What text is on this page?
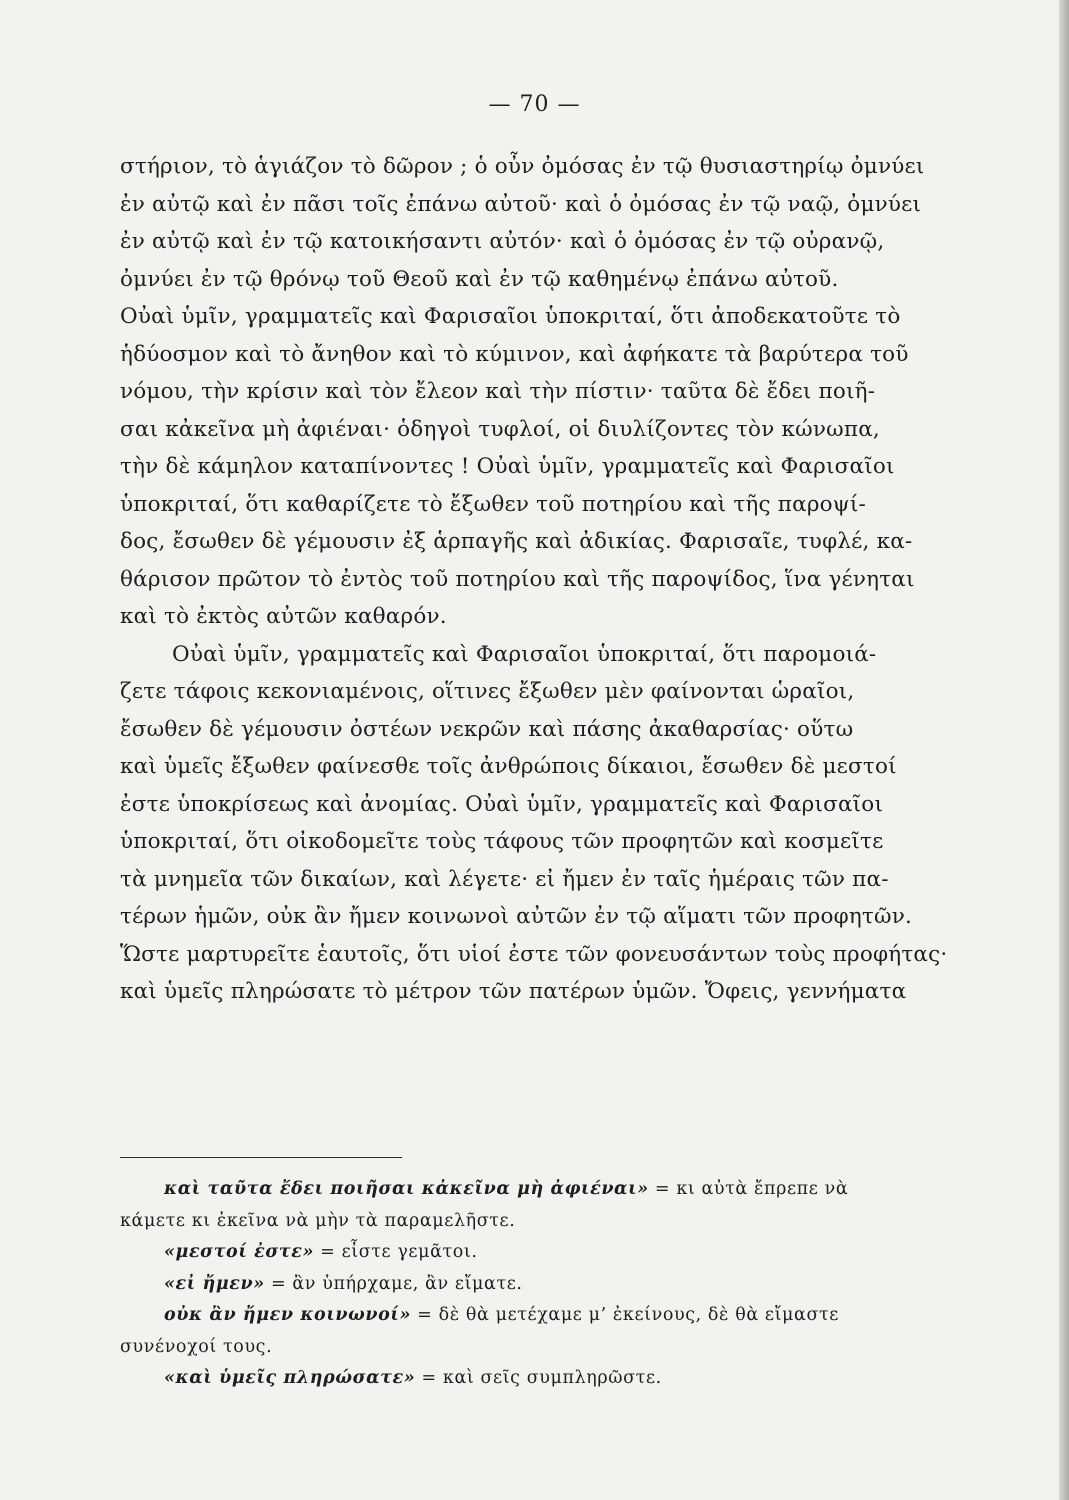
— 70 —
στήριον, τὸ ἁγιάζον τὸ δῶρον ; ὁ οὖν ὀμόσας ἐν τῷ θυσιαστηρίῳ ὀμνύει
ἐν αὐτῷ καὶ ἐν πᾶσι τοῖς ἐπάνω αὐτοῦ· καὶ ὁ ὀμόσας ἐν τῷ ναῷ, ὀμνύει
ἐν αὐτῷ καὶ ἐν τῷ κατοικήσαντι αὐτόν· καὶ ὁ ὀμόσας ἐν τῷ οὐρανῷ,
ὀμνύει ἐν τῷ θρόνῳ τοῦ Θεοῦ καὶ ἐν τῷ καθημένῳ ἐπάνω αὐτοῦ.
Οὐαὶ ὑμῖν, γραμματεῖς καὶ Φαρισαῖοι ὑποκριταί, ὅτι ἀποδεκατοῦτε τὸ
ἡδύοσμον καὶ τὸ ἄνηθον καὶ τὸ κύμινον, καὶ ἀφήκατε τὰ βαρύτερα τοῦ
νόμου, τὴν κρίσιν καὶ τὸν ἔλεον καὶ τὴν πίστιν· ταῦτα δὲ ἔδει ποιῆ-
σαι κἀκεῖνα μὴ ἀφιέναι· ὁδηγοὶ τυφλοί, οἱ διυλίζοντες τὸν κώνωπα,
τὴν δὲ κάμηλον καταπίνοντες ! Οὐαὶ ὑμῖν, γραμματεῖς καὶ Φαρισαῖοι
ὑποκριταί, ὅτι καθαρίζετε τὸ ἔξωθεν τοῦ ποτηρίου καὶ τῆς παροψί-
δος, ἔσωθεν δὲ γέμουσιν ἐξ ἁρπαγῆς καὶ ἀδικίας. Φαρισαῖε, τυφλέ, κα-
θάρισον πρῶτον τὸ ἐντὸς τοῦ ποτηρίου καὶ τῆς παροψίδος, ἵνα γένηται
καὶ τὸ ἐκτὸς αὐτῶν καθαρόν.
Οὐαὶ ὑμῖν, γραμματεῖς καὶ Φαρισαῖοι ὑποκριταί, ὅτι παρομοιά-
ζετε τάφοις κεκονιαμένοις, οἵτινες ἔξωθεν μὲν φαίνονται ὡραῖοι,
ἔσωθεν δὲ γέμουσιν ὀστέων νεκρῶν καὶ πάσης ἀκαθαρσίας· οὕτω
καὶ ὑμεῖς ἔξωθεν φαίνεσθε τοῖς ἀνθρώποις δίκαιοι, ἔσωθεν δὲ μεστοί
ἐστε ὑποκρίσεως καὶ ἀνομίας. Οὐαὶ ὑμῖν, γραμματεῖς καὶ Φαρισαῖοι
ὑποκριταί, ὅτι οἰκοδομεῖτε τοὺς τάφους τῶν προφητῶν καὶ κοσμεῖτε
τὰ μνημεῖα τῶν δικαίων, καὶ λέγετε· εἰ ἤμεν ἐν ταῖς ἡμέραις τῶν πα-
τέρων ἡμῶν, οὐκ ἂν ἤμεν κοινωνοὶ αὐτῶν ἐν τῷ αἵματι τῶν προφητῶν.
Ὥστε μαρτυρεῖτε ἑαυτοῖς, ὅτι υἱοί ἐστε τῶν φονευσάντων τοὺς προφήτας·
καὶ ὑμεῖς πληρώσατε τὸ μέτρον τῶν πατέρων ὑμῶν. Ὄφεις, γεννήματα
καὶ ταῦτα ἔδει ποιῆσαι κἀκεῖνα μὴ ἀφιέναι» = κι αὐτὰ ἔπρεπε νὰ
κάμετε κι ἐκεῖνα νὰ μὴν τὰ παραμελῆστε.
«μεστοί ἐστε» = εἶστε γεμᾶτοι.
«εἰ ἤμεν» = ἂν ὑπήρχαμε, ἂν εἴματε.
οὐκ ἂν ἤμεν κοινωνοί» = δὲ θὰ μετέχαμε μ’ ἐκείνους, δὲ θὰ εἴμαστε
συνένοχοί τους.
«καὶ ὑμεῖς πληρώσατε» = καὶ σεῖς συμπληρῶστε.
